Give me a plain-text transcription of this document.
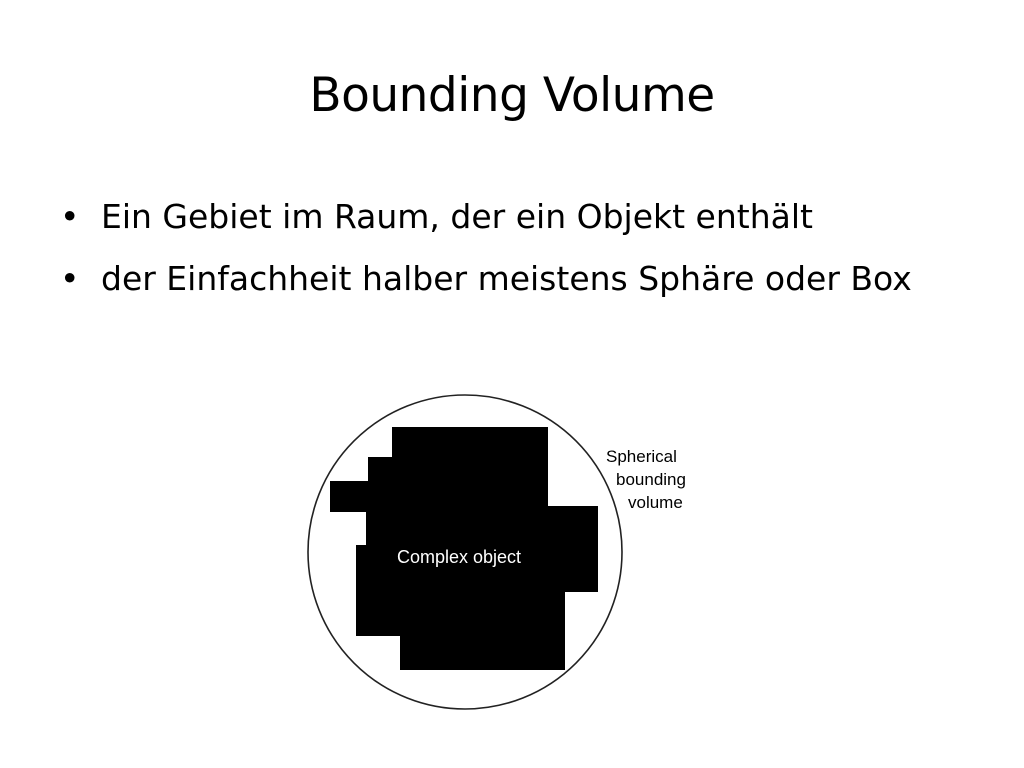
Bounding Volume
• Ein Gebiet im Raum, der ein Objekt enthält
• der Einfachheit halber meistens Sphäre oder Box
Complex object
Spherical
bounding
volume
